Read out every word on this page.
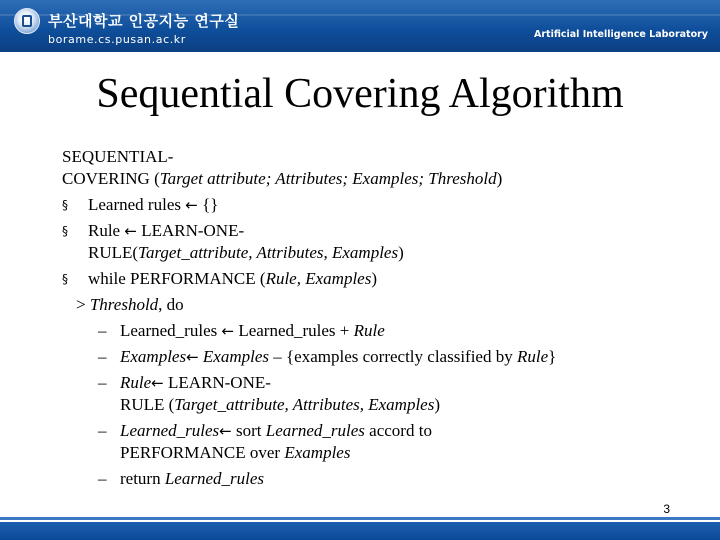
부산대학교 인공지능 연구실
borame.cs.pusan.ac.kr	Artificial Intelligence Laboratory
Sequential Covering Algorithm
SEQUENTIAL-
COVERING (Target attribute; Attributes; Examples; Threshold)
§ Learned rules ← {}
§ Rule ← LEARN-ONE-
RULE(Target_attribute, Attributes, Examples)
§ while PERFORMANCE (Rule, Examples)
> Threshold, do
– Learned_rules ← Learned_rules + Rule
– Examples← Examples – {examples correctly classified by Rule}
– Rule← LEARN-ONE-
RULE (Target_attribute, Attributes, Examples)
– Learned_rules← sort Learned_rules accord to
PERFORMANCE over Examples
– return Learned_rules
3
